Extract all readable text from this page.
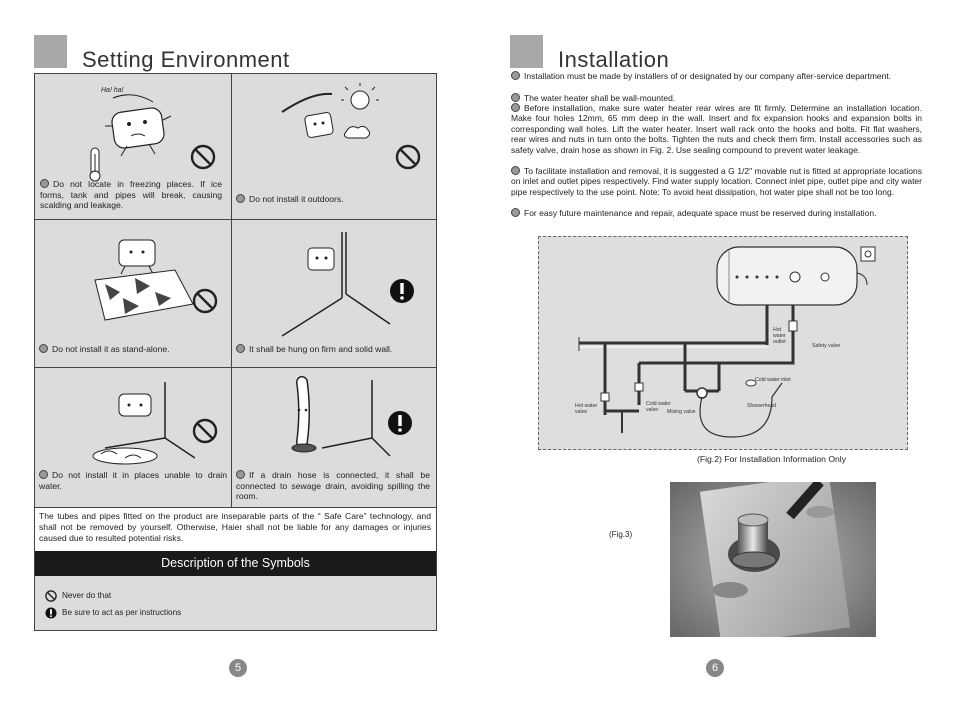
Setting Environment
Ha! ha!
Do not locate in freezing places. If ice forms, tank and pipes will break, causing scalding and leakage.
Do not install it outdoors.
Do not install it as stand-alone.	It shall be hung on firm and solid wall.
Do not install it in places unable to drain water.
If a drain hose is connected, it shall be connected to sewage drain, avoiding spilling the room.
The tubes and pipes fitted on the product are inseparable parts of the “ Safe Care” technology, and shall not be removed by yourself. Otherwise, Haier shall not be liable for any damages or injuries caused due to resulted potential risks.
Description of the Symbols
Never do that
Be sure to act as per instructions
5
Installation
Installation must be made by installers of or designated by our company after-service department.
The water heater shall be wall-mounted.
Before installation, make sure water heater rear wires are fit firmly. Determine an installation location. Make four holes 12mm, 65 mm deep in the wall. Insert and fix expansion hooks and expansion bolts in corresponding wall holes. Lift the water heater. Insert wall rack onto the hooks and bolts. Fit flat washers, rear wires and nuts in turn onto the bolts. Tighten the nuts and check them firm. Install accessories such as safety valve, drain hose as shown in Fig. 2. Use sealing compound to prevent water leakage.
To facilitate installation and removal, it is suggested a G 1/2" movable nut is fitted at appropriate locations on inlet and outlet pipes respectively. Find water supply location. Connect inlet pipe, outlet pipe and city water pipe respectively to the use point. Note: To avoid heat dissipation, hot water pipe shall not be too long.
For easy future maintenance and repair, adequate space must be reserved during installation.
Hot water outlet
Safety valve
Cold water inlet
Hot water valve
Cold water valve	Mixing valve
Showerhead
(Fig.2) For Installation Information Only
(Fig.3)
6
